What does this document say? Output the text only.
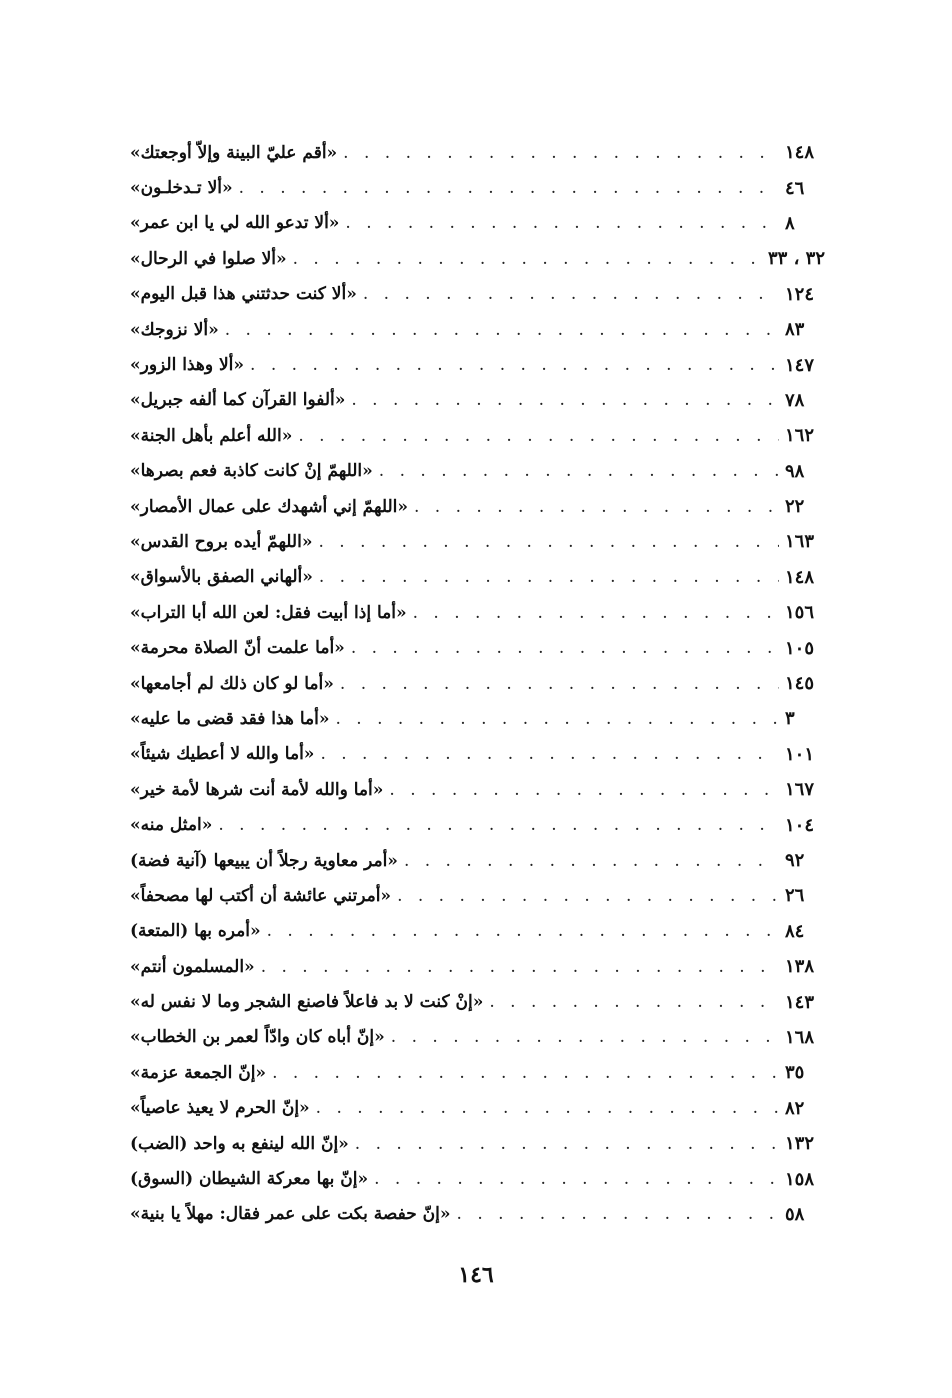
«أقم عليّ البينة وإلاّ أوجعتك» . . .	١٤٨
«ألا تـدخلـون» . . .	٤٦
«ألا تدعو الله لي يا ابن عمر» . . .	٨
«ألا صلوا في الرحال» . . .	٣٢ ، ٣٣
«ألا كنت حدثتني هذا قبل اليوم» . . .	١٢٤
«ألا نزوجك» . . .	٨٣
«ألا وهذا الزور» . . .	١٤٧
«ألفوا القرآن كما ألفه جبريل» . . .	٧٨
«الله أعلم بأهل الجنة» . . .	١٦٢
«اللهمّ إنْ كانت كاذبة فعم بصرها» . . .	٩٨
«اللهمّ إني أشهدك على عمال الأمصار» . . .	٢٢
«اللهمّ أيده بروح القدس» . . .	١٦٣
«ألهاني الصفق بالأسواق» . . .	١٤٨
«أما إذا أبيت فقل: لعن الله أبا التراب» . . .	١٥٦
«أما علمت أنّ الصلاة محرمة» . . .	١٠٥
«أما لو كان ذلك لم أجامعها» . . .	١٤٥
«أما هذا فقد قضى ما عليه» . . .	٣
«أما والله لا أعطيك شيئاً» . . .	١٠١
«أما والله لأمة أنت شرها لأمة خير» . . .	١٦٧
«امثل منه» . . .	١٠٤
«أمر معاوية رجلاً أن يبيعها (آنية فضة) . . .	٩٢
«أمرتني عائشة أن أكتب لها مصحفاً» . . .	٢٦
«أمره بها (المتعة) . . .	٨٤
«المسلمون أنتم» . . .	١٣٨
«إنْ كنت لا بد فاعلاً فاصنع الشجر وما لا نفس له» . . .	١٤٣
«إنّ أباه كان وادّاً لعمر بن الخطاب» . . .	١٦٨
«إنّ الجمعة عزمة» . . .	٣٥
«إنّ الحرم لا يعيذ عاصياً» . . .	٨٢
«إنّ الله لينفع به واحد (الضب) . . .	١٣٢
«إنّ بها معركة الشيطان (السوق) . . .	١٥٨
«إنّ حفصة بكت على عمر فقال: مهلاً يا بنية» . . .	٥٨
١٤٦
